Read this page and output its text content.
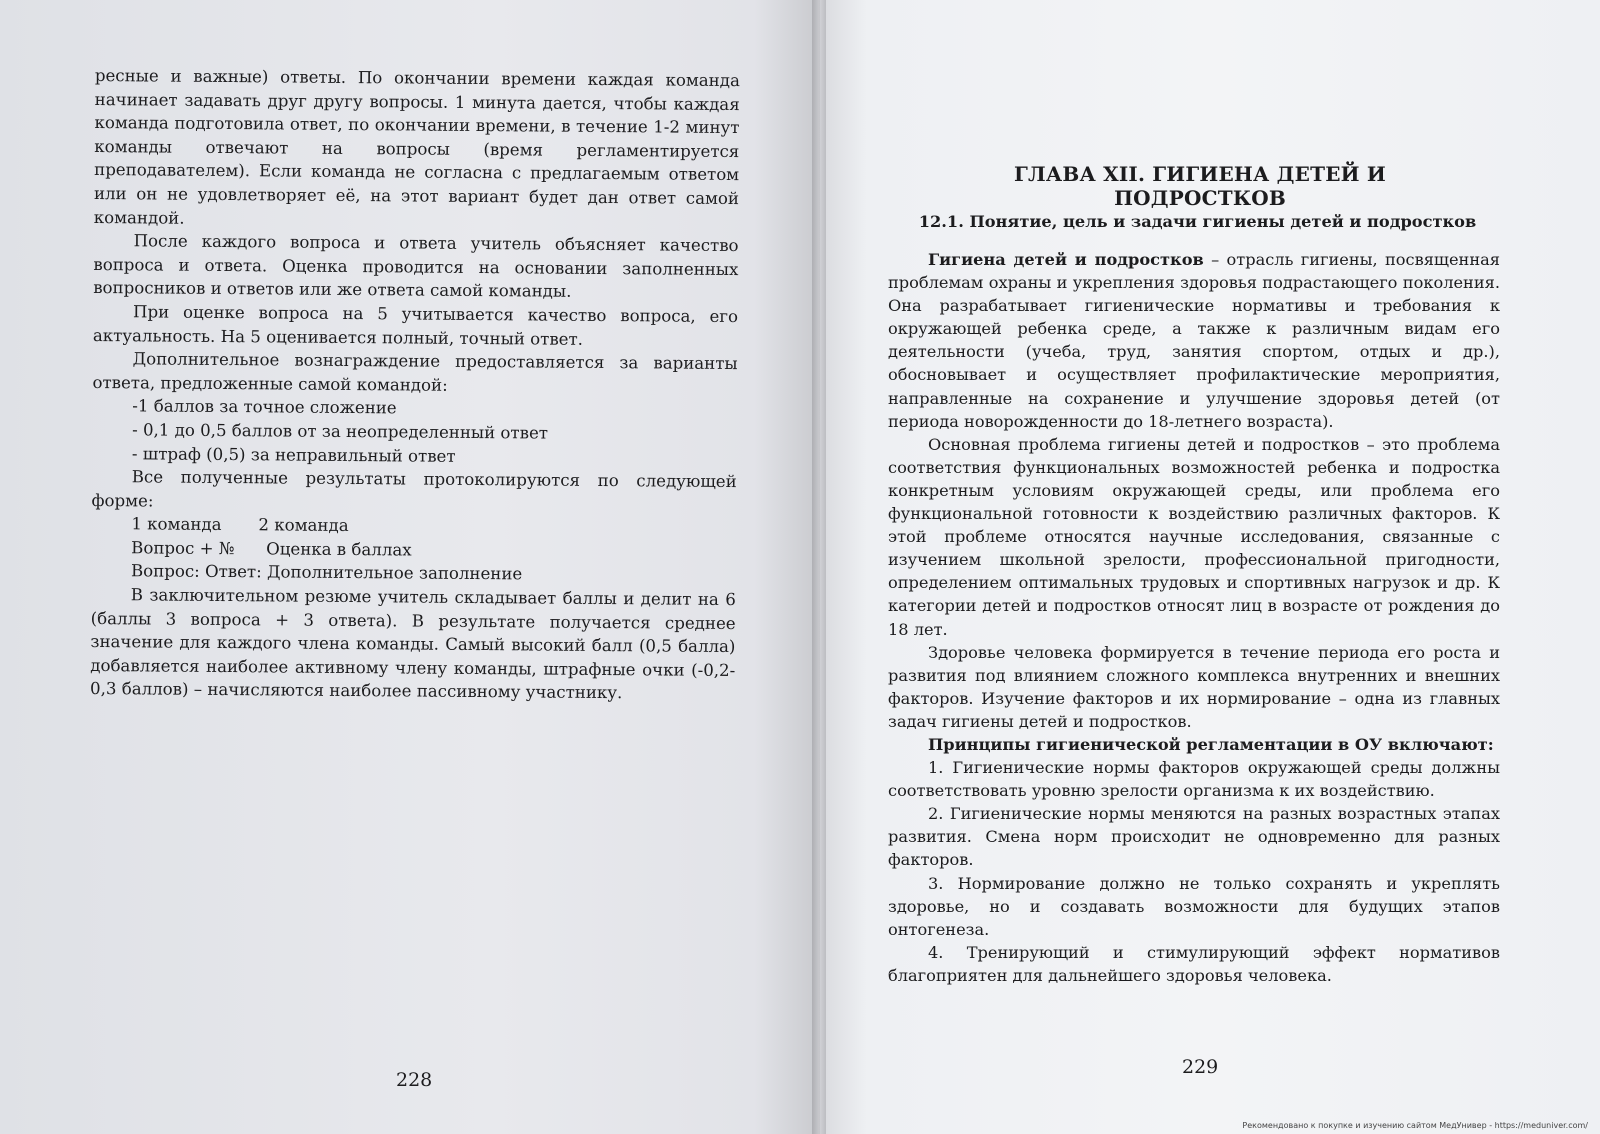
ресные и важные) ответы. По окончании времени каждая команда начинает задавать друг другу вопросы. 1 минута дается, чтобы каждая команда подготовила ответ, по окончании времени, в течение 1-2 минут команды отвечают на вопросы (время регламентируется преподавателем). Если команда не согласна с предлагаемым ответом или он не удовлетворяет её, на этот вариант будет дан ответ самой командой.

После каждого вопроса и ответа учитель объясняет качество вопроса и ответа. Оценка проводится на основании заполненных вопросников и ответов или же ответа самой команды.

При оценке вопроса на 5 учитывается качество вопроса, его актуальность. На 5 оценивается полный, точный ответ.

Дополнительное вознаграждение предоставляется за варианты ответа, предложенные самой командой:

-1 баллов за точное сложение

- 0,1 до 0,5 баллов от за неопределенный ответ

- штраф (0,5) за неправильный ответ

Все полученные результаты протоколируются по следующей форме:

1 команда       2 команда

Вопрос + №      Оценка в баллах

Вопрос: Ответ: Дополнительное заполнение

В заключительном резюме учитель складывает баллы и делит на 6 (баллы 3 вопроса + 3 ответа). В результате получается среднее значение для каждого члена команды. Самый высокий балл (0,5 балла) добавляется наиболее активному члену команды, штрафные очки (-0,2-0,3 баллов) – начисляются наиболее пассивному участнику.

228
ГЛАВА XII. ГИГИЕНА ДЕТЕЙ И ПОДРОСТКОВ
12.1. Понятие, цель и задачи гигиены детей и подростков

Гигиена детей и подростков – отрасль гигиены, посвященная проблемам охраны и укрепления здоровья подрастающего поколения. Она разрабатывает гигиенические нормативы и требования к окружающей ребенка среде, а также к различным видам его деятельности (учеба, труд, занятия спортом, отдых и др.), обосновывает и осуществляет профилактические мероприятия, направленные на сохранение и улучшение здоровья детей (от периода новорожденности до 18-летнего возраста).

Основная проблема гигиены детей и подростков – это проблема соответствия функциональных возможностей ребенка и подростка конкретным условиям окружающей среды, или проблема его функциональной готовности к воздействию различных факторов. К этой проблеме относятся научные исследования, связанные с изучением школьной зрелости, профессиональной пригодности, определением оптимальных трудовых и спортивных нагрузок и др. К категории детей и подростков относят лиц в возрасте от рождения до 18 лет.

Здоровье человека формируется в течение периода его роста и развития под влиянием сложного комплекса внутренних и внешних факторов. Изучение факторов и их нормирование – одна из главных задач гигиены детей и подростков.

Принципы гигиенической регламентации в ОУ включают:

1. Гигиенические нормы факторов окружающей среды должны соответствовать уровню зрелости организма к их воздействию.

2. Гигиенические нормы меняются на разных возрастных этапах развития. Смена норм происходит не одновременно для разных факторов.

3. Нормирование должно не только сохранять и укреплять здоровье, но и создавать возможности для будущих этапов онтогенеза.

4. Тренирующий и стимулирующий эффект нормативов благоприятен для дальнейшего здоровья человека.

229
Рекомендовано к покупке и изучению сайтом МедУнивер - https://meduniver.com/
